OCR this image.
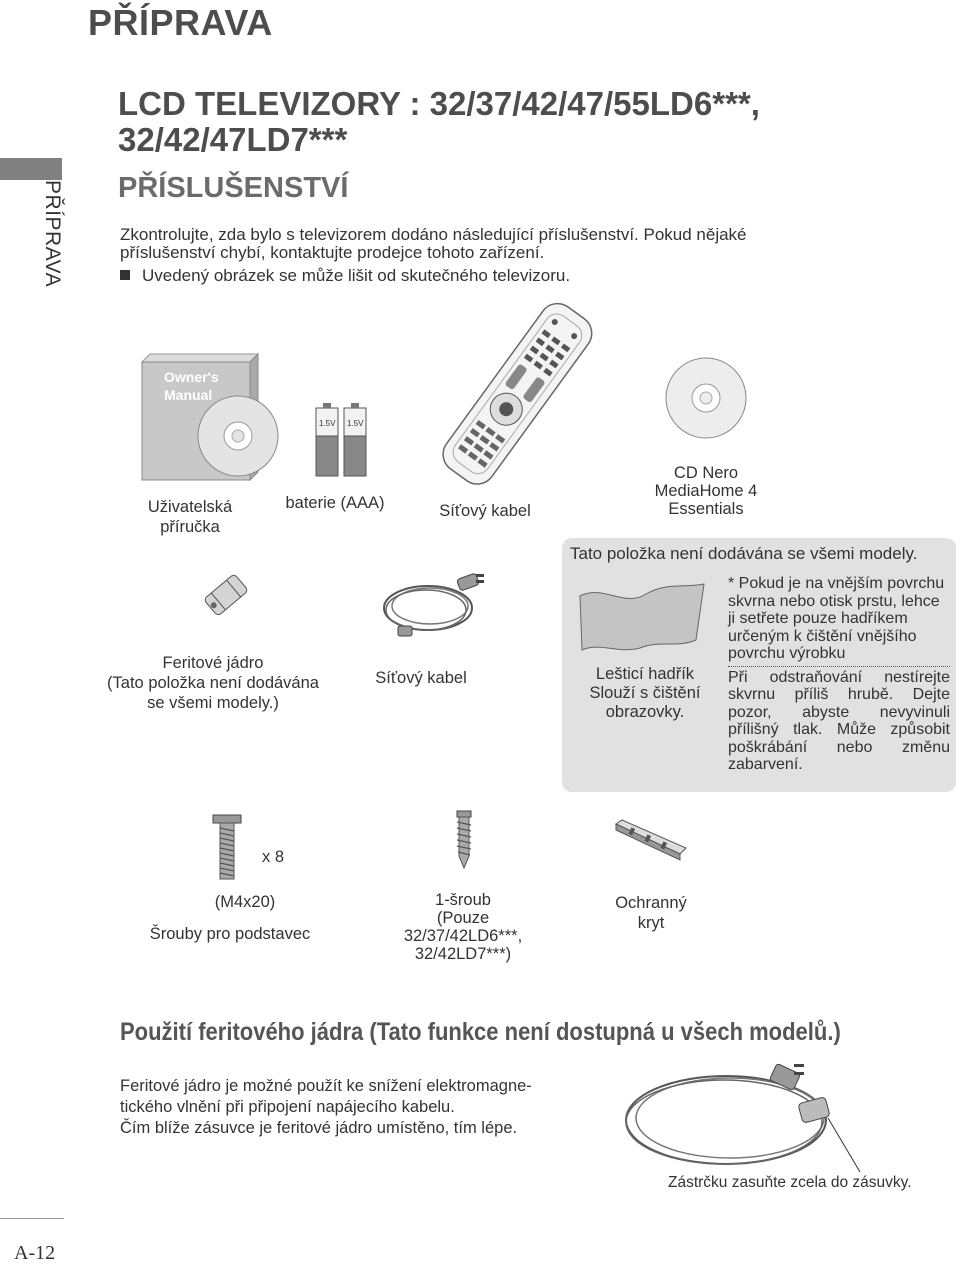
PŘÍPRAVA
PŘÍPRAVA
LCD TELEVIZORY : 32/37/42/47/55LD6***,
32/42/47LD7***
PŘÍSLUŠENSTVÍ
Zkontrolujte, zda bylo s televizorem dodáno následující příslušenství. Pokud nějaké
příslušenství chybí, kontaktujte prodejce tohoto zařízení.
Uvedený obrázek se může lišit od skutečného televizoru.
Owner's
Manual
1.5V 1.5V
Uživatelská
příručka
baterie (AAA)	Síťový kabel
CD Nero
MediaHome 4
Essentials
Feritové jádro
(Tato položka není dodávána
se všemi modely.)
Síťový kabel
Tato položka není dodávána se všemi modely.
Lešticí hadřík
Slouží s čištění
obrazovky.
* Pokud je na vnějším povrchu skvrna nebo otisk prstu, lehce ji setřete pouze hadříkem určeným k čištění vnějšího povrchu výrobku
Při odstraňování nestírejte skvrnu příliš hrubě. Dejte pozor, abyste nevyvinuli přílišný tlak. Může způsobit poškrábání nebo změnu zabarvení.
x 8
(M4x20)
Šrouby pro podstavec
1-šroub
(Pouze
32/37/42LD6***,
32/42LD7***)
Ochranný
kryt
Použití feritového jádra (Tato funkce není dostupná u všech modelů.)
Feritové jádro je možné použít ke snížení elektromagne-
tického vlnění při připojení napájecího kabelu.
Čím blíže zásuvce je feritové jádro umístěno, tím lépe.
Zástrčku zasuňte zcela do zásuvky.
A-12
